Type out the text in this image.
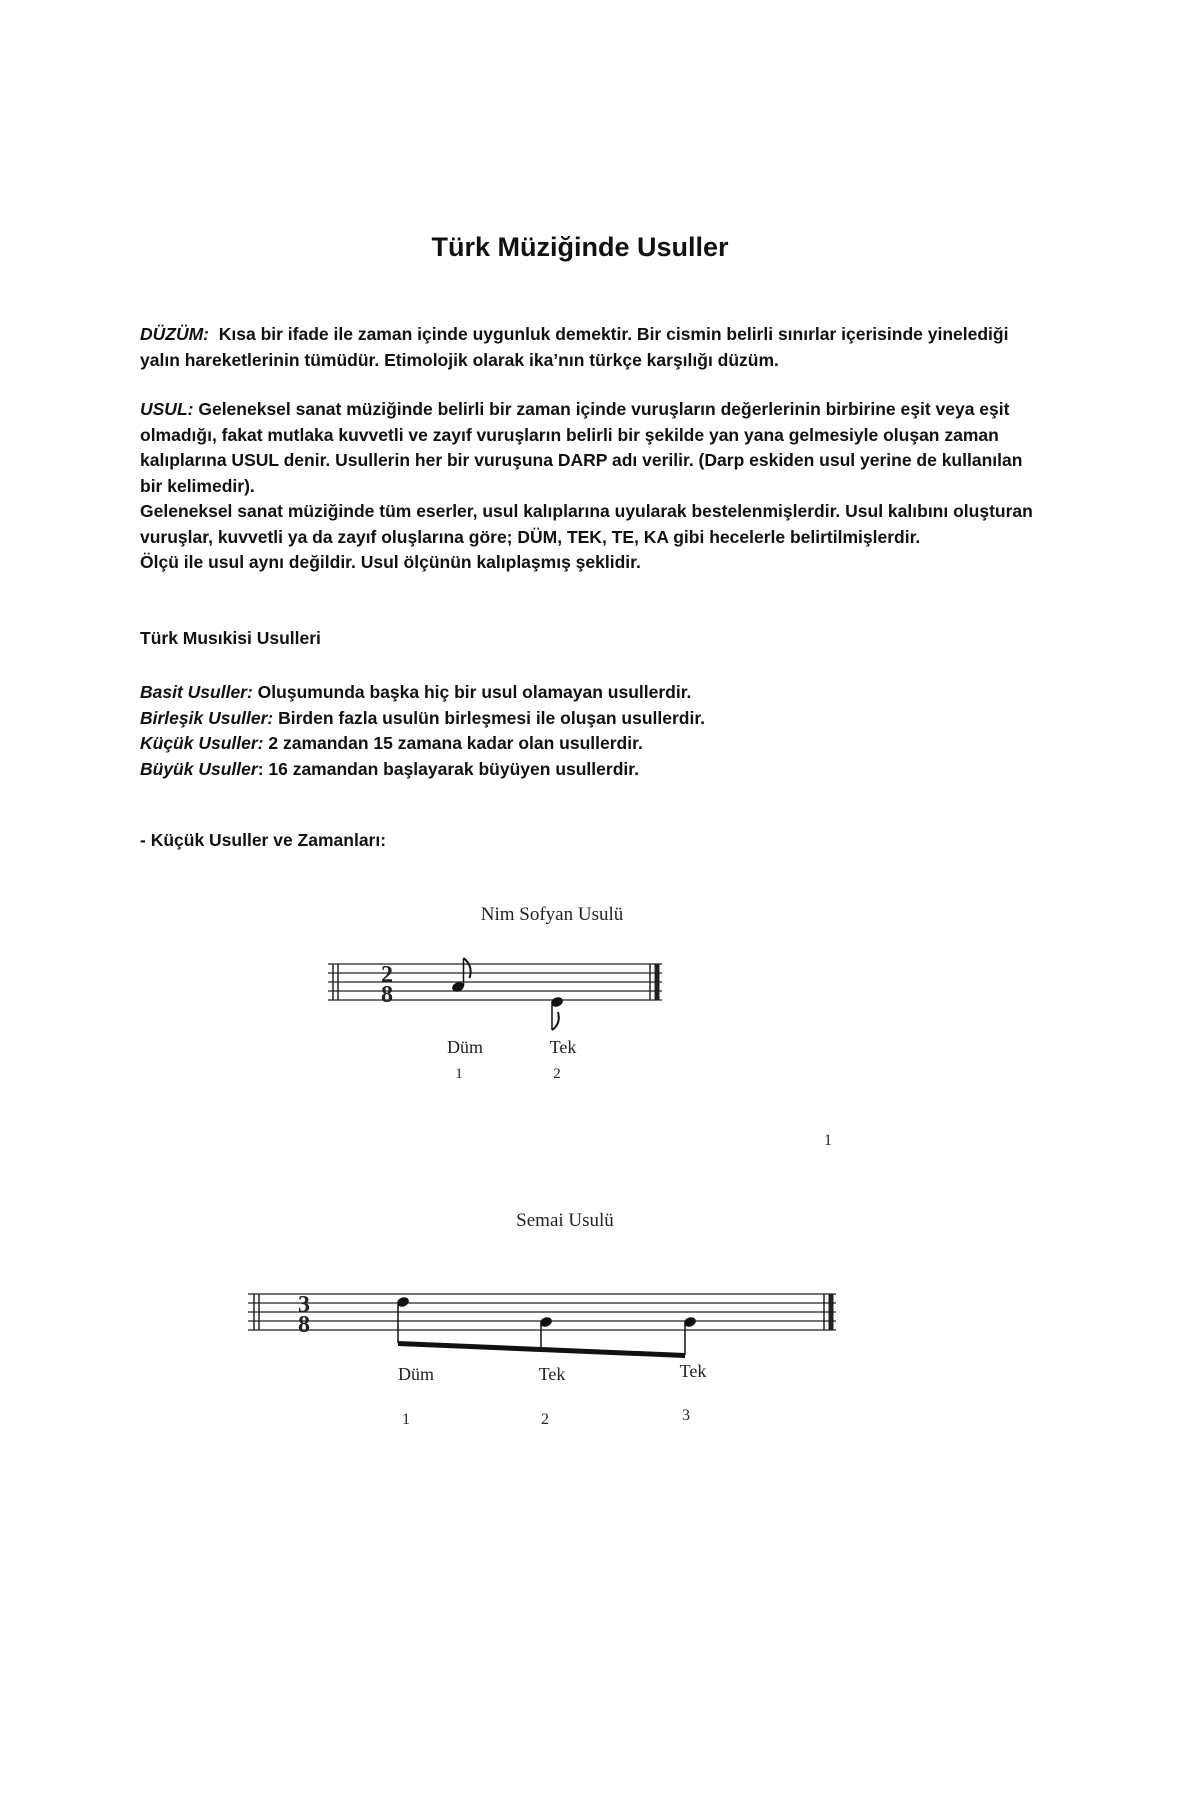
Türk Müziğinde Usuller

DÜZÜM: Kısa bir ifade ile zaman içinde uygunluk demektir. Bir cismin belirli sınırlar içerisinde yinelediği yalın hareketlerinin tümüdür. Etimolojik olarak ika’nın türkçe karşılığı düzüm.

USUL: Geleneksel sanat müziğinde belirli bir zaman içinde vuruşların değerlerinin birbirine eşit veya eşit olmadığı, fakat mutlaka kuvvetli ve zayıf vuruşların belirli bir şekilde yan yana gelmesiyle oluşan zaman kalıplarına USUL denir. Usullerin her bir vuruşuna DARP adı verilir. (Darp eskiden usul yerine de kullanılan bir kelimedir).

Geleneksel sanat müziğinde tüm eserler, usul kalıplarına uyularak bestelenmişlerdir. Usul kalıbını oluşturan vuruşlar, kuvvetli ya da zayıf oluşlarına göre; DÜM, TEK, TE, KA gibi hecelerle belirtilmişlerdir.

Ölçü ile usul aynı değildir. Usul ölçünün kalıplaşmış şeklidir.

Türk Musıkisi Usulleri

Basit Usuller: Oluşumunda başka hiç bir usul olamayan usullerdir.

Birleşik Usuller: Birden fazla usulün birleşmesi ile oluşan usullerdir.

Küçük Usuller: 2 zamandan 15 zamana kadar olan usullerdir.

Büyük Usuller: 16 zamandan başlayarak büyüyen usullerdir.

- Küçük Usuller ve Zamanları:
Nim Sofyan Usulü
2
8
Düm	Tek
1	2
1
Semai Usulü
3
8
Düm	Tek	Tek
1	2	3
